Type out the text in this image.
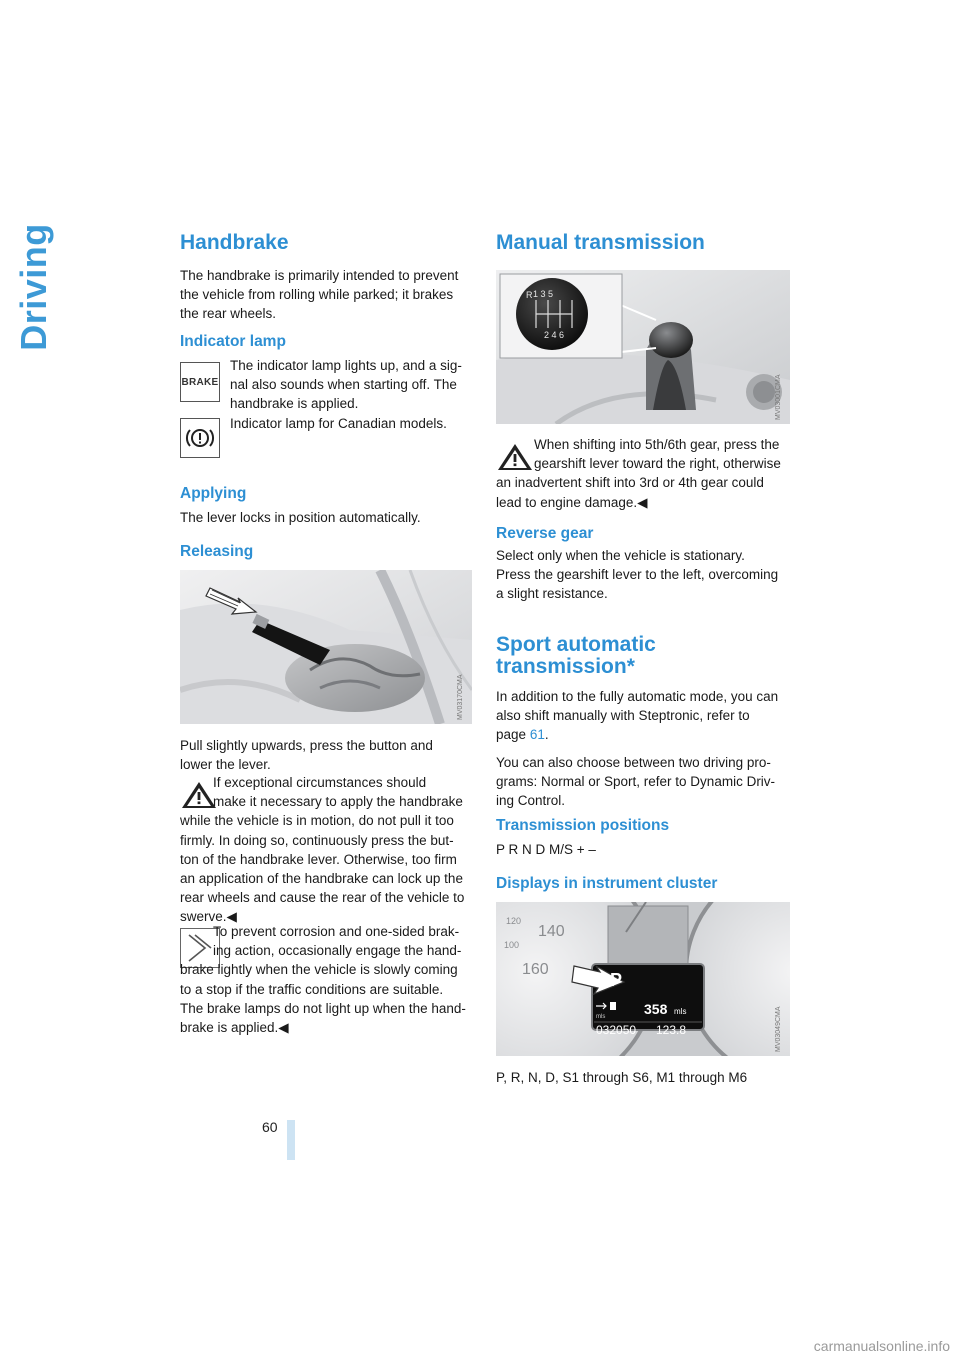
Driving	Handbrake

The handbrake is primarily intended to prevent

the vehicle from rolling while parked; it brakes

the rear wheels.

Indicator lamp
BRAKE

The indicator lamp lights up, and a sig-

nal also sounds when starting off. The

handbrake is applied.

Indicator lamp for Canadian models.

Applying

The lever locks in position automatically.

Releasing
MV03170CMA

Pull slightly upwards, press the button and

lower the lever.

If exceptional circumstances should

make it necessary to apply the handbrake

while the vehicle is in motion, do not pull it too

firmly. In doing so, continuously press the but-

ton of the handbrake lever. Otherwise, too firm

an application of the handbrake can lock up the

rear wheels and cause the rear of the vehicle to

swerve.◀

To prevent corrosion and one-sided brak-

ing action, occasionally engage the hand-

brake lightly when the vehicle is slowly coming

to a stop if the traffic conditions are suitable.

The brake lamps do not light up when the hand-

brake is applied.◀

Manual transmission
R 1 3 5
2 4 6
MV03001CMA

When shifting into 5th/6th gear, press the

gearshift lever toward the right, otherwise

an inadvertent shift into 3rd or 4th gear could

lead to engine damage.◀

Reverse gear

Select only when the vehicle is stationary.

Press the gearshift lever to the left, overcoming

a slight resistance.

Sport automatic
transmission*

In addition to the fully automatic mode, you can

also shift manually with Steptronic, refer to

page 61.

You can also choose between two driving pro-

grams: Normal or Sport, refer to Dynamic Driv-

ing Control.

Transmission positions

P R N D M/S + –

Displays in instrument cluster
120
140
100
160
P
358 mls
mls
032050 123.8	MV03049CMA

P, R, N, D, S1 through S6, M1 through M6

60
carmanualsonline.info
